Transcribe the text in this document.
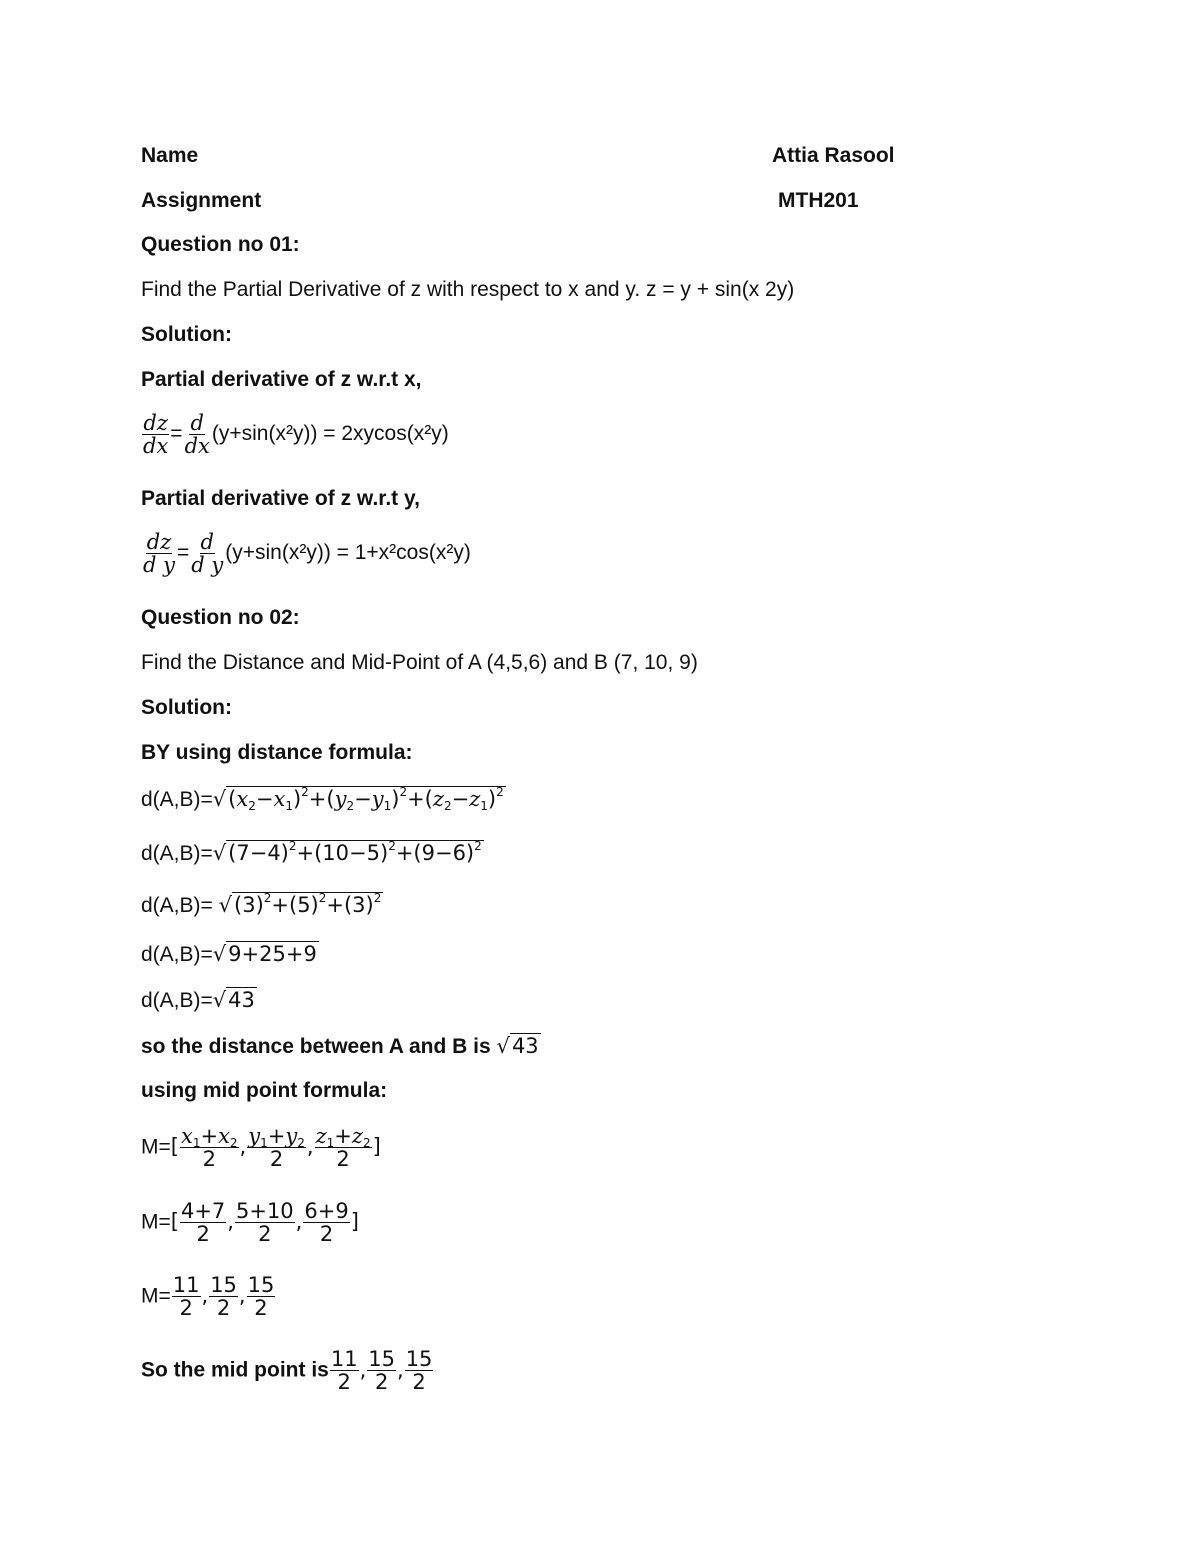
Name	Attia Rasool
Assignment	MTH201
Question no 01:
Find the Partial Derivative of z with respect to x and y. z = y + sin(x 2y)
Solution:
Partial derivative of z w.r.t x,
$\frac{dz}{dx} = \frac{d}{dx} (y+\sin(x^2y)) = 2xycos(x^2y)$
Partial derivative of z w.r.t y,
$\frac{dz}{\text{d y}} = \frac{d}{\text{d y}} (y+\sin(x^2y)) = 1+x^2\cos(x^2y)$
Question no 02:
Find the Distance and Mid-Point of A (4,5,6) and B (7, 10, 9)
Solution:
BY using distance formula:
$d(A,B)=√(x_2-x_1)^2+(y_2-y_1)^2+(z_2-z_1)^2$
$d(A,B)=√(7-4)^2+(10-5)^2+(9-6)^2$
$d(A,B)= √(3)^2+(5)^2+(3)^2$
d(A,B)=√9+25+9
d(A,B)=√43
so the distance between A and B is √43
using mid point formula:
$M=[ \frac{x_1+x_2}{2}$ , $\frac{y_1+y_2}{2}$ , $\frac{z_1+z_2}{2}$ ]
$M=[ \frac{4+7}{2}$ , $\frac{5+10}{2}$ , $\frac{6+9}{2}$ ]
$M= \frac{11}{2}$ , $\frac{15}{2}$ , $\frac{15}{2}$
So the mid point is $\frac{11}{2}$ , $\frac{15}{2}$ , $\frac{15}{2}$
